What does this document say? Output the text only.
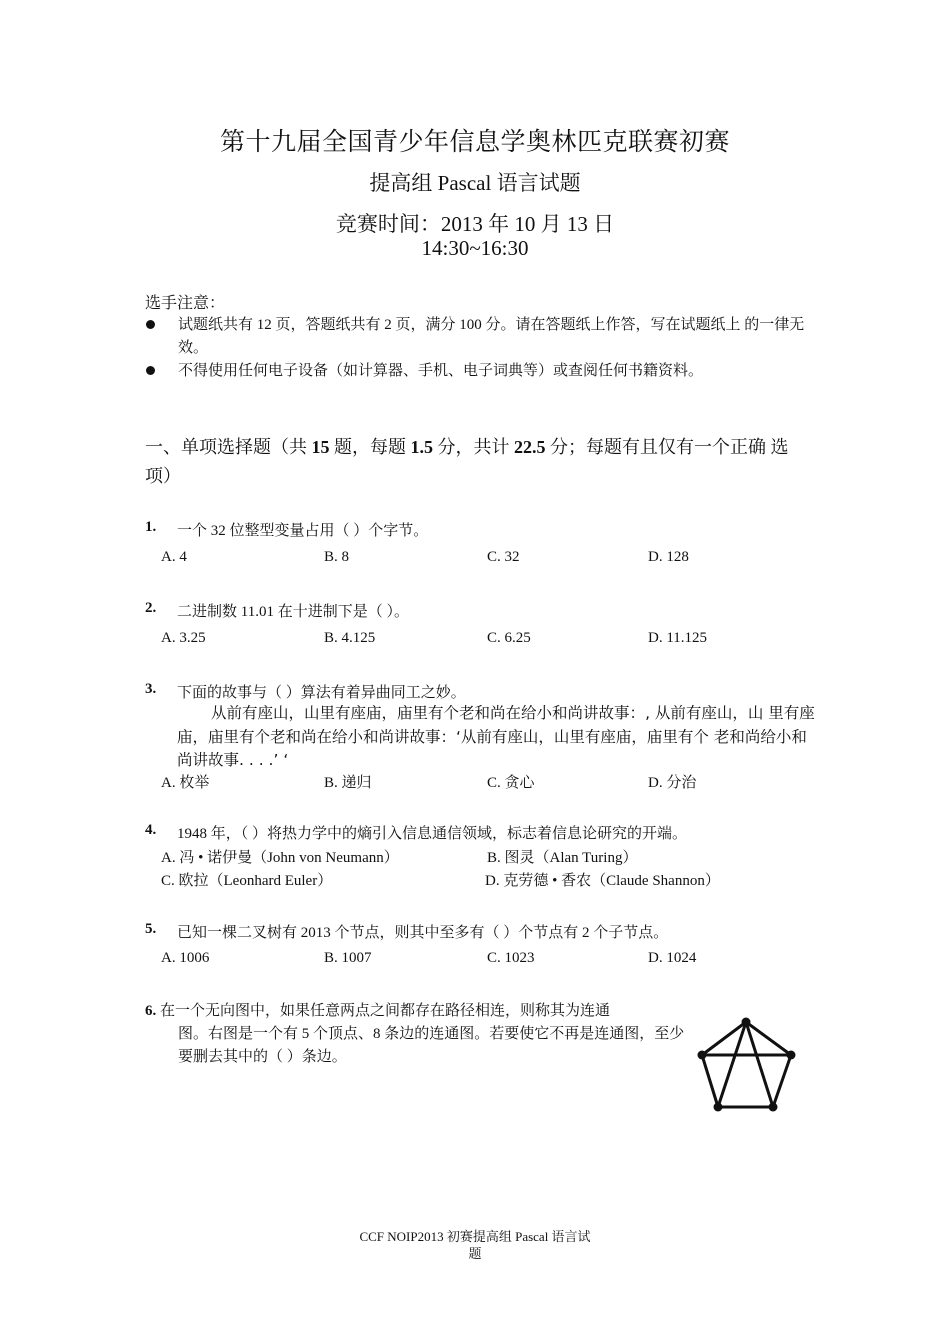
第十九届全国青少年信息学奥林匹克联赛初赛
提高组 Pascal 语言试题
竞赛时间：2013 年 10 月 13 日
14:30~16:30
选手注意：
试题纸共有 12 页，答题纸共有 2 页，满分 100 分。请在答题纸上作答，写在试题纸上 的一律无效。
不得使用任何电子设备（如计算器、手机、电子词典等）或查阅任何书籍资料。
一、单项选择题（共 15 题，每题 1.5 分，共计 22.5 分；每题有且仅有一个正确 选项）
1. 一个 32 位整型变量占用（ ）个字节。
A. 4	B. 8	C. 32	D. 128
2. 二进制数 11.01 在十进制下是（ ）。
A. 3.25	B. 4.125	C. 6.25	D. 11.125
3. 下面的故事与（ ）算法有着异曲同工之妙。
从前有座山，山里有座庙，庙里有个老和尚在给小和尚讲故事：‚ 从前有座山，山 里有座庙，庙里有个老和尚在给小和尚讲故事：‘从前有座山，山里有座庙，庙里有个 老和尚给小和尚讲故事. . . .’ ‘
A. 枚举	B. 递归	C. 贪心	D. 分治
4. 1948 年，（ ）将热力学中的熵引入信息通信领域，标志着信息论研究的开端。
A. 冯 • 诺伊曼（John von Neumann）	B. 图灵（Alan Turing）
C. 欧拉（Leonhard Euler）	D. 克劳德 • 香农（Claude Shannon）
5. 已知一棵二叉树有 2013 个节点，则其中至多有（ ）个节点有 2 个子节点。
A. 1006	B. 1007	C. 1023	D. 1024
6. 在一个无向图中，如果任意两点之间都存在路径相连，则称其为连通
图。右图是一个有 5 个顶点、8 条边的连通图。若要使它不再是连通图，至少要删去其中的（ ）条边。
CCF NOIP2013 初赛提高组 Pascal 语言试
题
